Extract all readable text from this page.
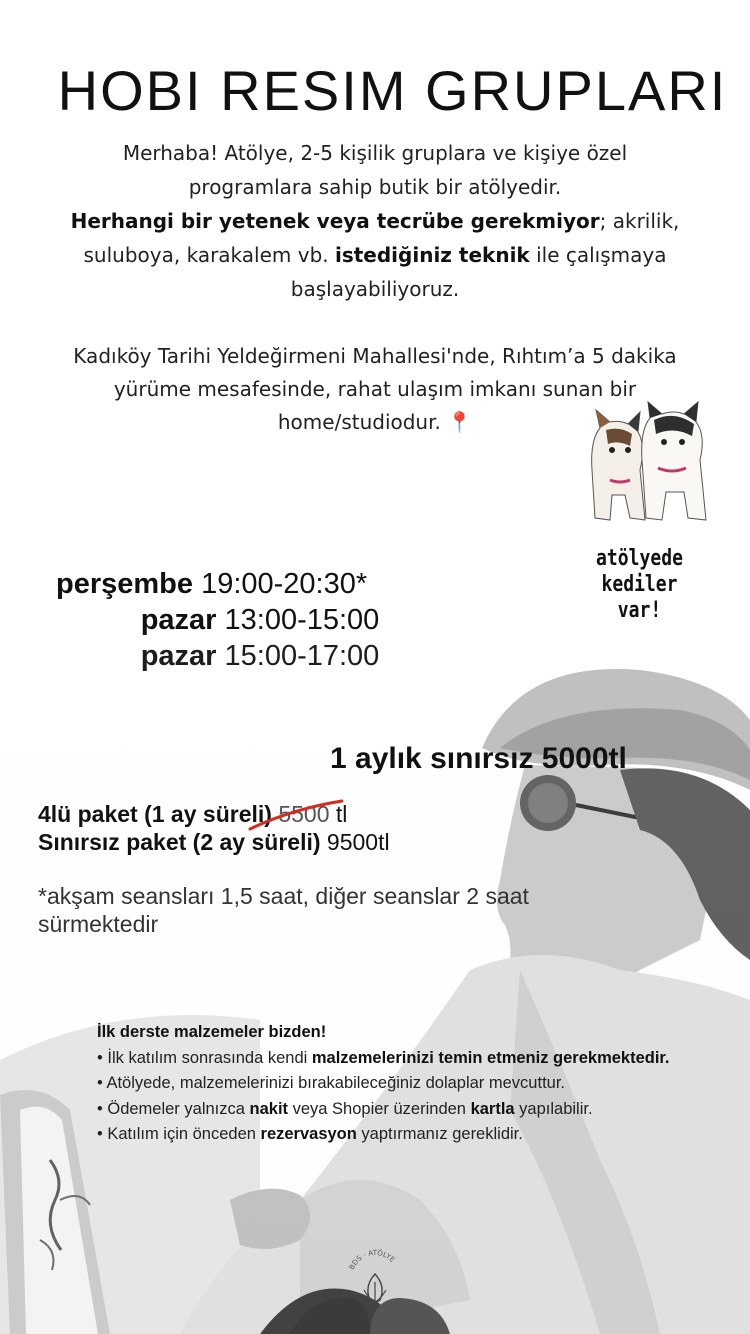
HOBI RESIM GRUPLARI
Merhaba! Atölye, 2-5 kişilik gruplara ve kişiye özel
programlara sahip butik bir atölyedir.
Herhangi bir yetenek veya tecrübe gerekmiyor; akrilik,
suluboya, karakalem vb. istediğiniz teknik ile çalışmaya
başlayabiliyoruz.
Kadıköy Tarihi Yeldeğirmeni Mahallesi'nde, Rıhtım’a 5 dakika
yürüme mesafesinde, rahat ulaşım imkanı sunan bir
home/studiodur. 📍
atölyede
kediler var!
perşembe 19:00-20:30*
pazar 13:00-15:00
pazar 15:00-17:00
1 aylık sınırsız 5000tl
4lü paket (1 ay süreli) 5500
tl
Sınırsız paket (2 ay süreli) 9500tl
*akşam seansları 1,5 saat, diğer seanslar 2 saat sürmektedir
İlk derste malzemeler bizden!
• İlk katılım sonrasında kendi malzemelerinizi temin etmeniz gerekmektedir.
• Atölyede, malzemelerinizi bırakabileceğiniz dolaplar mevcuttur.
• Ödemeler yalnızca nakit veya Shopier üzerinden kartla yapılabilir.
• Katılım için önceden rezervasyon yaptırmanız gereklidir.
BDS · ATÖLYE
